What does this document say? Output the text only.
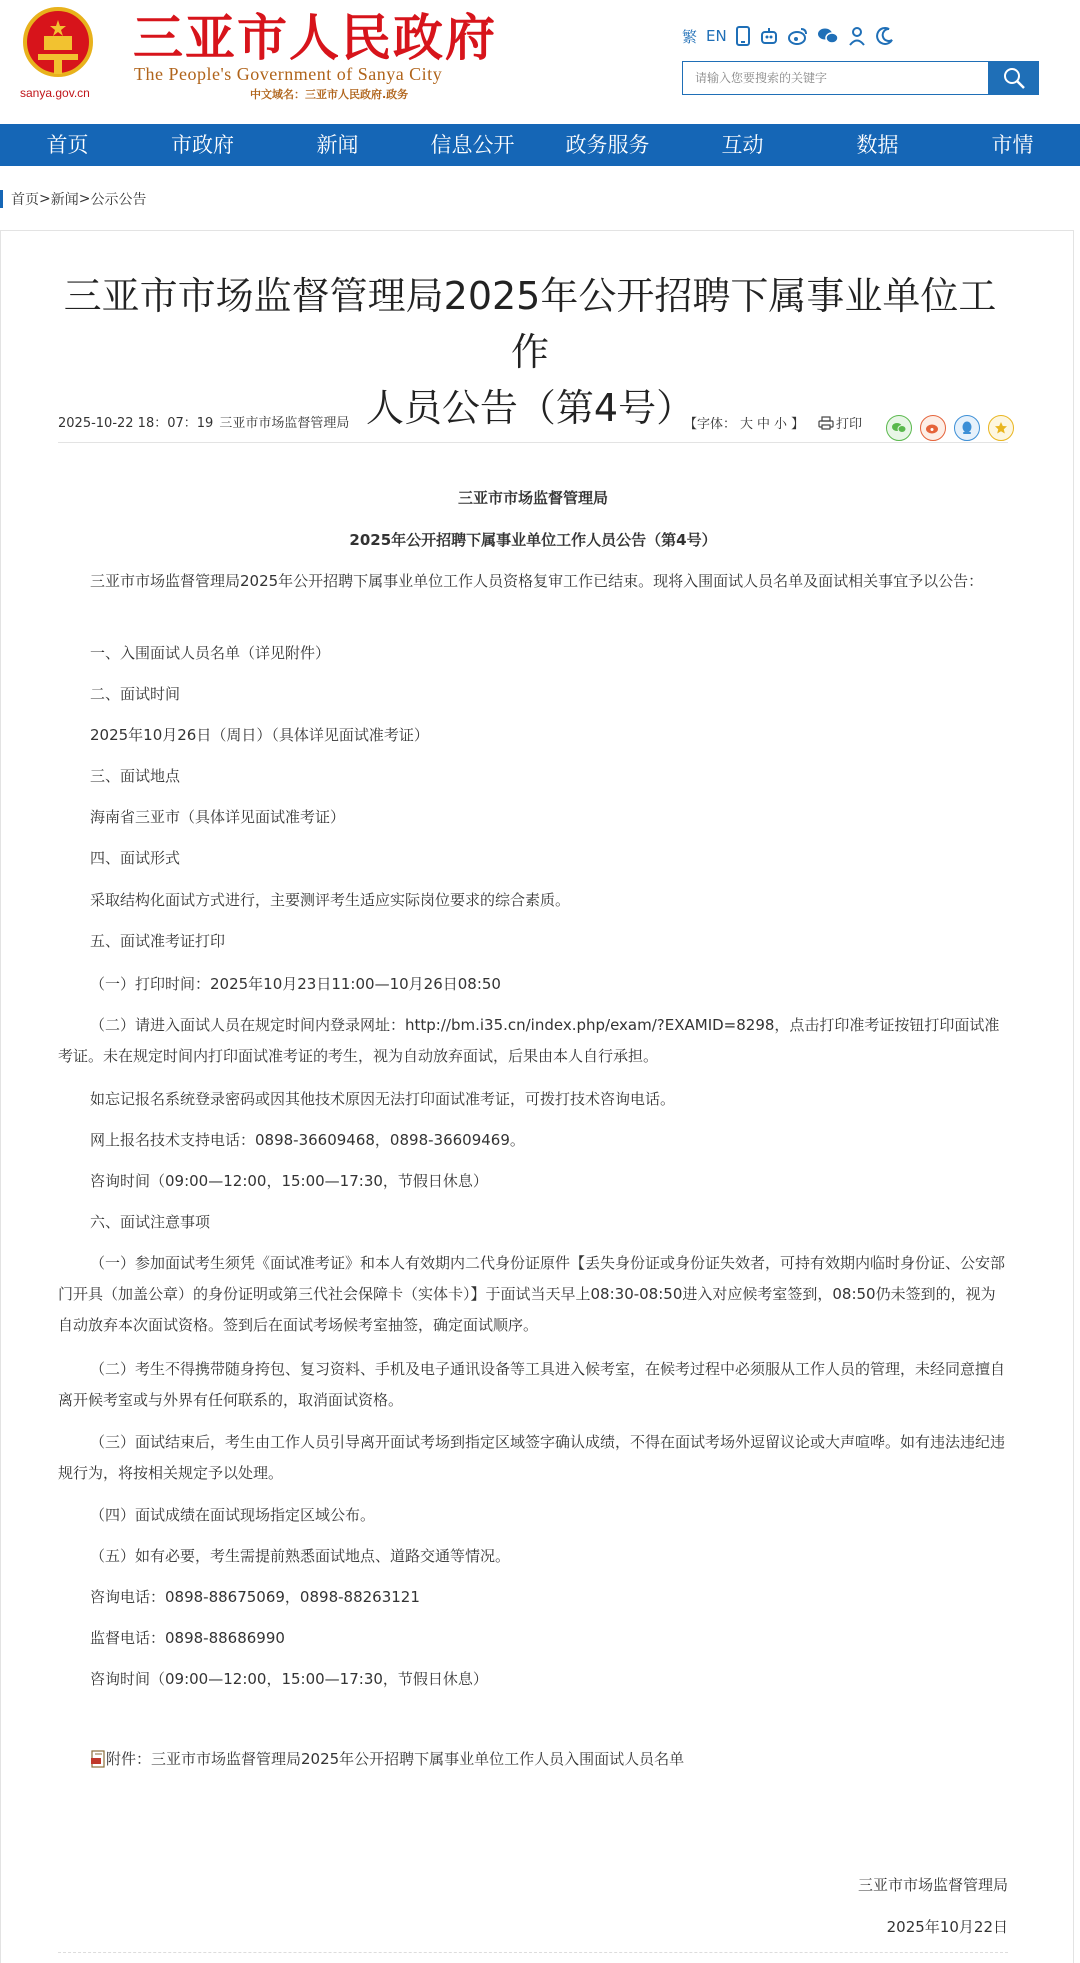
sanya.gov.cn
三亚市人民政府
The People's Government of Sanya City
中文域名：三亚市人民政府.政务
繁 EN
请输入您要搜索的关键字
首页	市政府	新闻	信息公开	政务服务	互动	数据	市情
首页 > 新闻 > 公示公告
三亚市市场监督管理局2025年公开招聘下属事业单位工作
人员公告（第4号）
2025-10-22 18：07：19 三亚市市场监督管理局	【字体： 大 中 小 】 打印
三亚市市场监督管理局
2025年公开招聘下属事业单位工作人员公告（第4号）
三亚市市场监督管理局2025年公开招聘下属事业单位工作人员资格复审工作已结束。现将入围面试人员名单及面试相关事宜予以公告：
一、入围面试人员名单（详见附件）
二、面试时间
2025年10月26日（周日）（具体详见面试准考证）
三、面试地点
海南省三亚市（具体详见面试准考证）
四、面试形式
采取结构化面试方式进行，主要测评考生适应实际岗位要求的综合素质。
五、面试准考证打印
（一）打印时间：2025年10月23日11:00—10月26日08:50
（二）请进入面试人员在规定时间内登录网址：http://bm.i35.cn/index.php/exam/?EXAMID=8298，点击打印准考证按钮打印面试准考证。未在规定时间内打印面试准考证的考生，视为自动放弃面试，后果由本人自行承担。
如忘记报名系统登录密码或因其他技术原因无法打印面试准考证，可拨打技术咨询电话。
网上报名技术支持电话：0898-36609468，0898-36609469。
咨询时间（09:00—12:00，15:00—17:30，节假日休息）
六、面试注意事项
（一）参加面试考生须凭《面试准考证》和本人有效期内二代身份证原件【丢失身份证或身份证失效者，可持有效期内临时身份证、公安部门开具（加盖公章）的身份证明或第三代社会保障卡（实体卡）】于面试当天早上08:30-08:50进入对应候考室签到，08:50仍未签到的，视为自动放弃本次面试资格。签到后在面试考场候考室抽签，确定面试顺序。
（二）考生不得携带随身挎包、复习资料、手机及电子通讯设备等工具进入候考室，在候考过程中必须服从工作人员的管理，未经同意擅自离开候考室或与外界有任何联系的，取消面试资格。
（三）面试结束后，考生由工作人员引导离开面试考场到指定区域签字确认成绩，不得在面试考场外逗留议论或大声喧哗。如有违法违纪违规行为，将按相关规定予以处理。
（四）面试成绩在面试现场指定区域公布。
（五）如有必要，考生需提前熟悉面试地点、道路交通等情况。
咨询电话：0898-88675069，0898-88263121
监督电话：0898-88686990
咨询时间（09:00—12:00，15:00—17:30，节假日休息）
附件：三亚市市场监督管理局2025年公开招聘下属事业单位工作人员入围面试人员名单
三亚市市场监督管理局
2025年10月22日
